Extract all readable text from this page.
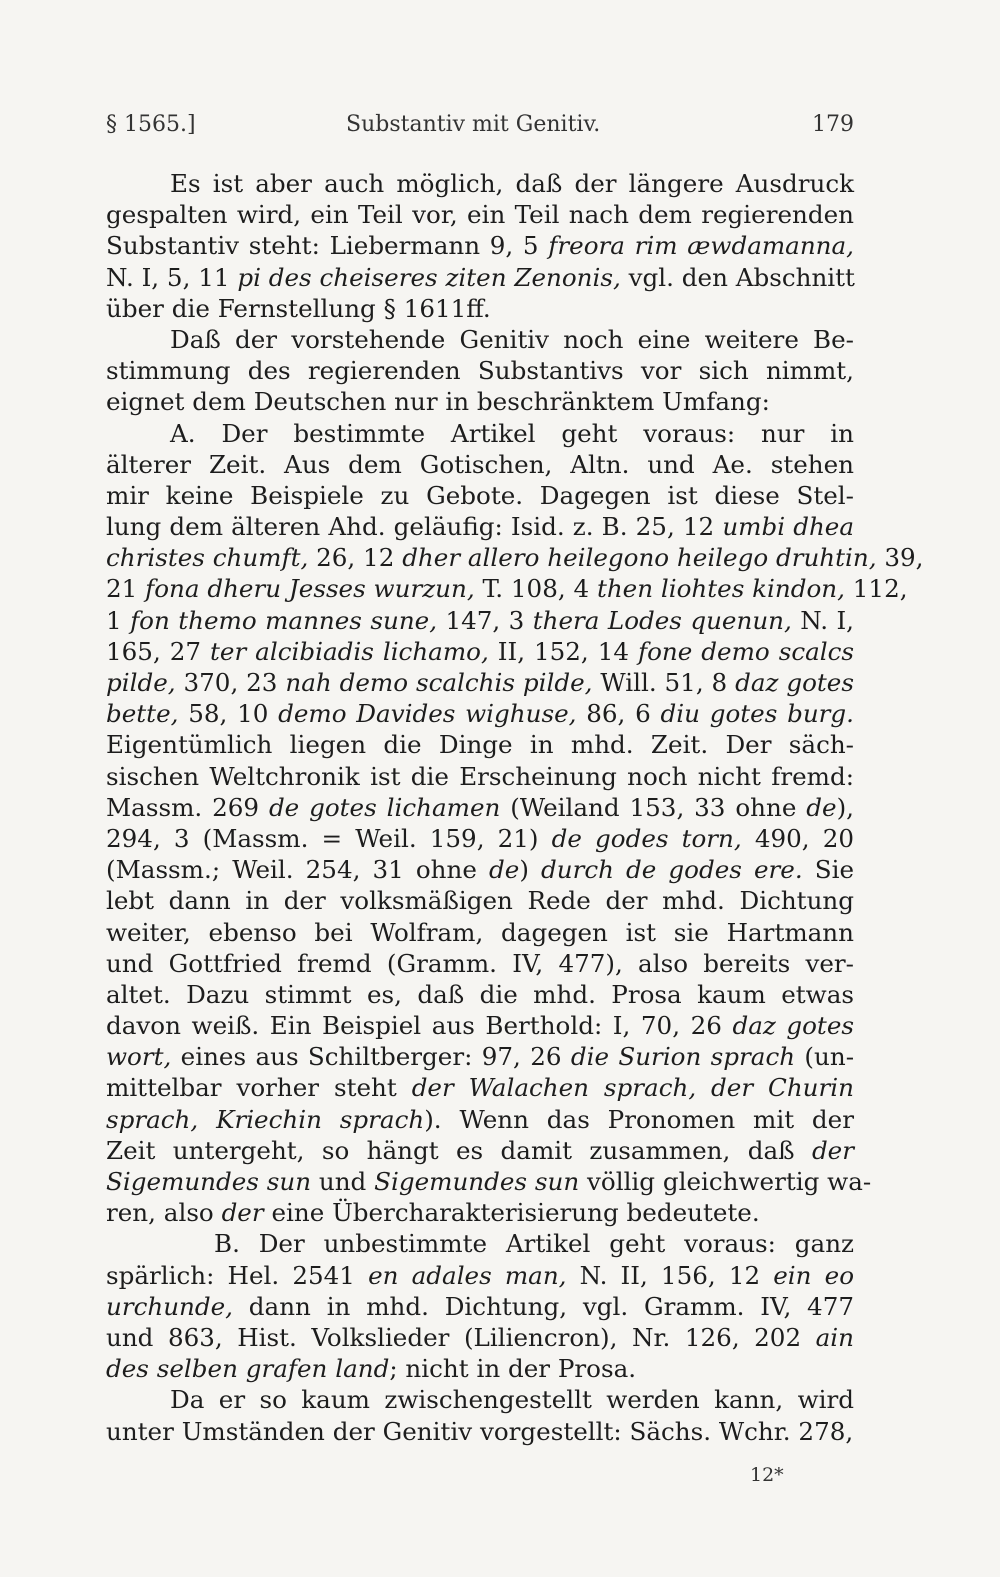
§ 1565.]	Substantiv mit Genitiv.	179
Es ist aber auch möglich, daß der längere Ausdruck
gespalten wird, ein Teil vor, ein Teil nach dem regierenden
Substantiv steht: Liebermann 9, 5 freora rim æwdamanna,
N. I, 5, 11 pi des cheiseres ziten Zenonis, vgl. den Abschnitt
über die Fernstellung § 1611ff.
Daß der vorstehende Genitiv noch eine weitere Be-
stimmung des regierenden Substantivs vor sich nimmt,
eignet dem Deutschen nur in beschränktem Umfang:
A. Der bestimmte Artikel geht voraus: nur in
älterer Zeit. Aus dem Gotischen, Altn. und Ae. stehen
mir keine Beispiele zu Gebote. Dagegen ist diese Stel-
lung dem älteren Ahd. geläufig: Isid. z. B. 25, 12 umbi dhea
christes chumft, 26, 12 dher allero heilegono heilego druhtin, 39,
21 fona dheru Jesses wurzun, T. 108, 4 then liohtes kindon, 112,
1 fon themo mannes sune, 147, 3 thera Lodes quenun, N. I,
165, 27 ter alcibiadis lichamo, II, 152, 14 fone demo scalcs
pilde, 370, 23 nah demo scalchis pilde, Will. 51, 8 daz gotes
bette, 58, 10 demo Davides wighuse, 86, 6 diu gotes burg.
Eigentümlich liegen die Dinge in mhd. Zeit. Der säch-
sischen Weltchronik ist die Erscheinung noch nicht fremd:
Massm. 269 de gotes lichamen (Weiland 153, 33 ohne de),
294, 3 (Massm. = Weil. 159, 21) de godes torn, 490, 20
(Massm.; Weil. 254, 31 ohne de) durch de godes ere. Sie
lebt dann in der volksmäßigen Rede der mhd. Dichtung
weiter, ebenso bei Wolfram, dagegen ist sie Hartmann
und Gottfried fremd (Gramm. IV, 477), also bereits ver-
altet. Dazu stimmt es, daß die mhd. Prosa kaum etwas
davon weiß. Ein Beispiel aus Berthold: I, 70, 26 daz gotes
wort, eines aus Schiltberger: 97, 26 die Surion sprach (un-
mittelbar vorher steht der Walachen sprach, der Churin
sprach, Kriechin sprach). Wenn das Pronomen mit der
Zeit untergeht, so hängt es damit zusammen, daß der
Sigemundes sun und Sigemundes sun völlig gleichwertig wa-
ren, also der eine Übercharakterisierung bedeutete.
B. Der unbestimmte Artikel geht voraus: ganz
spärlich: Hel. 2541 en adales man, N. II, 156, 12 ein eo
urchunde, dann in mhd. Dichtung, vgl. Gramm. IV, 477
und 863, Hist. Volkslieder (Liliencron), Nr. 126, 202 ain
des selben grafen land; nicht in der Prosa.
Da er so kaum zwischengestellt werden kann, wird
unter Umständen der Genitiv vorgestellt: Sächs. Wchr. 278,
12*
